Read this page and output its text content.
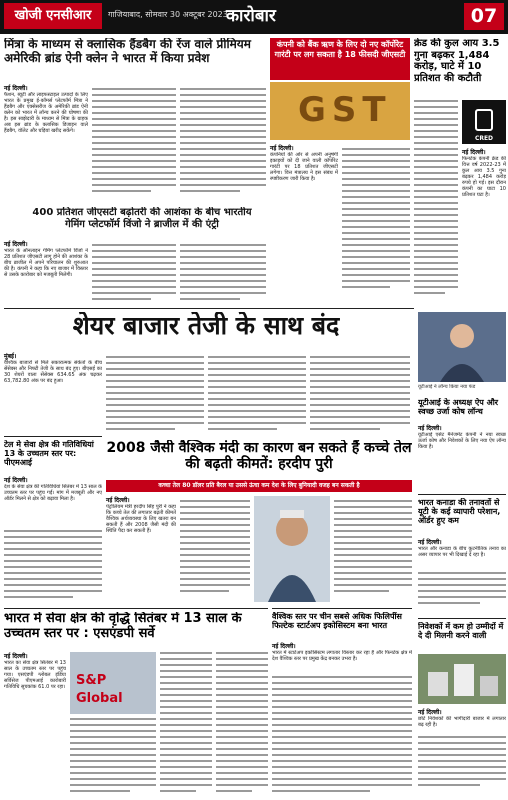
खोजी एनसीआर	गाजियाबाद, सोमवार 30 अक्टूबर 2023
कारोबार	07
मिंत्रा के माध्यम से क्लासिक हैंडबैग की रेंज वाले प्रीमियम अमेरिकी ब्रांड ऐनी क्लेन ने भारत में किया प्रवेश
नई दिल्ली।
फैशन, ब्यूटी और लाइफस्टाइल उत्पादों के लिए भारत के प्रमुख ई-कॉमर्स प्लेटफॉर्म मिंत्रा ने हैंडबैग और एक्सेसरीज के अमेरिकी ब्रांड ऐनी क्लेन को भारत में लॉन्च करने की घोषणा की है। इस साझेदारी के माध्यम से मिंत्रा के ग्राहक अब इस ब्रांड के क्लासिक डिजाइन वाले हैंडबैग, वॉलेट और घड़ियां खरीद सकेंगे।
400 प्रतिशत जीएसटी बढ़ोतरी की आशंका के बीच भारतीय गेमिंग प्लेटफॉर्म विंजो ने ब्राजील में की एंट्री
नई दिल्ली।
भारत के ऑनलाइन गेमिंग प्लेटफॉर्म विंजो ने 28 प्रतिशत जीएसटी लागू होने की आशंका के बीच ब्राजील में अपने परिचालन की शुरुआत की है। कंपनी ने कहा कि नए बाजार में विस्तार से उसके कारोबार को मजबूती मिलेगी।
कंपनी को बैंक ऋण के लिए दो नए कॉर्पोरेट गारंटी पर लग सकता है 18 फीसदी जीएसटी
GST
नई दिल्ली।
कंपनियों की ओर से अपनी अनुषंगी इकाइयों को दी जाने वाली कॉर्पोरेट गारंटी पर 18 प्रतिशत जीएसटी लगेगा। वित्त मंत्रालय ने इस संबंध में स्पष्टीकरण जारी किया है।
क्रेड की कुल आय 3.5 गुना बढ़कर 1,484 करोड़, घाटे में 10 प्रतिशत की कटौती
CRED
नई दिल्ली।
फिनटेक कंपनी क्रेड की वित्त वर्ष 2022-23 में कुल आय 3.5 गुना बढ़कर 1,484 करोड़ रुपये हो गई। इस दौरान कंपनी का घाटा 10 प्रतिशत घटा है।
शेयर बाजार तेजी के साथ बंद
मुंबई।
वैश्विक बाजारों से मिले सकारात्मक संकेतों के बीच सेंसेक्स और निफ्टी तेजी के साथ बंद हुए। बीएसई का 30 शेयरों वाला सेंसेक्स 634.65 अंक चढ़कर 63,782.80 अंक पर बंद हुआ।
यूटीआई ने लॉन्च किया नया फंड
यूटीआई के अध्यक्ष ऐप और स्वच्छ उर्जा कोष लॉन्च
नई दिल्ली।
यूटीआई एसेट मैनेजमेंट कंपनी ने नया स्वच्छ ऊर्जा कोष और निवेशकों के लिए नया ऐप लॉन्च किया है।
टेल मे सेवा क्षेत्र की गतिविधियां 13 के उच्चतम स्तर पर: पीएमआई
नई दिल्ली।
देश के सेवा क्षेत्र की गतिविधियां सितंबर में 13 साल के उच्चतम स्तर पर पहुंच गईं। मांग में मजबूती और नए ऑर्डर मिलने से क्षेत्र को बढ़ावा मिला है।
2008 जैसी वैश्विक मंदी का कारण बन सकते हैं कच्चे तेल की बढ़ती कीमतें: हरदीप पुरी
कच्चा तेल 80 डॉलर प्रति बैरल या उससे ऊंचा कम देश के लिए बुनियादी वजह बन सकती है
नई दिल्ली।
पेट्रोलियम मंत्री हरदीप सिंह पुरी ने कहा कि कच्चे तेल की लगातार बढ़ती कीमतें वैश्विक अर्थव्यवस्था के लिए खतरा बन सकती हैं और 2008 जैसी मंदी की स्थिति पैदा कर सकती हैं।
भारत कनाडा की तनावतों से यूटी के कई व्यापारी परेशान, ऑर्डर हुए कम
नई दिल्ली।
भारत और कनाडा के बीच कूटनीतिक तनाव का असर व्यापार पर भी दिखाई दे रहा है।
भारत में सेवा क्षेत्र की वृद्धि सितंबर में 13 साल के उच्चतम स्तर पर : एसएंडपी सर्वे
नई दिल्ली।
भारत का सेवा क्षेत्र सितंबर में 13 साल के उच्चतम स्तर पर पहुंच गया। एसएंडपी ग्लोबल इंडिया सर्विसेज पीएमआई कारोबारी गतिविधि सूचकांक 61.0 पर रहा। S&P Global
वैश्विक स्तर पर चीन सबसे अधिक फिलिपींस फिल्टेक स्टार्टअप इकोसिस्टम बना भारत
नई दिल्ली।
भारत में स्टार्टअप इकोसिस्टम लगातार विस्तार कर रहा है और फिनटेक क्षेत्र में देश वैश्विक स्तर पर प्रमुख केंद्र बनकर उभरा है।
निवेशकों में कम हो उम्मीदों में दे दी मिलनी करने वाली
नई दिल्ली।
छोटे निवेशकों की भागीदारी बाजार में लगातार बढ़ रही है।
